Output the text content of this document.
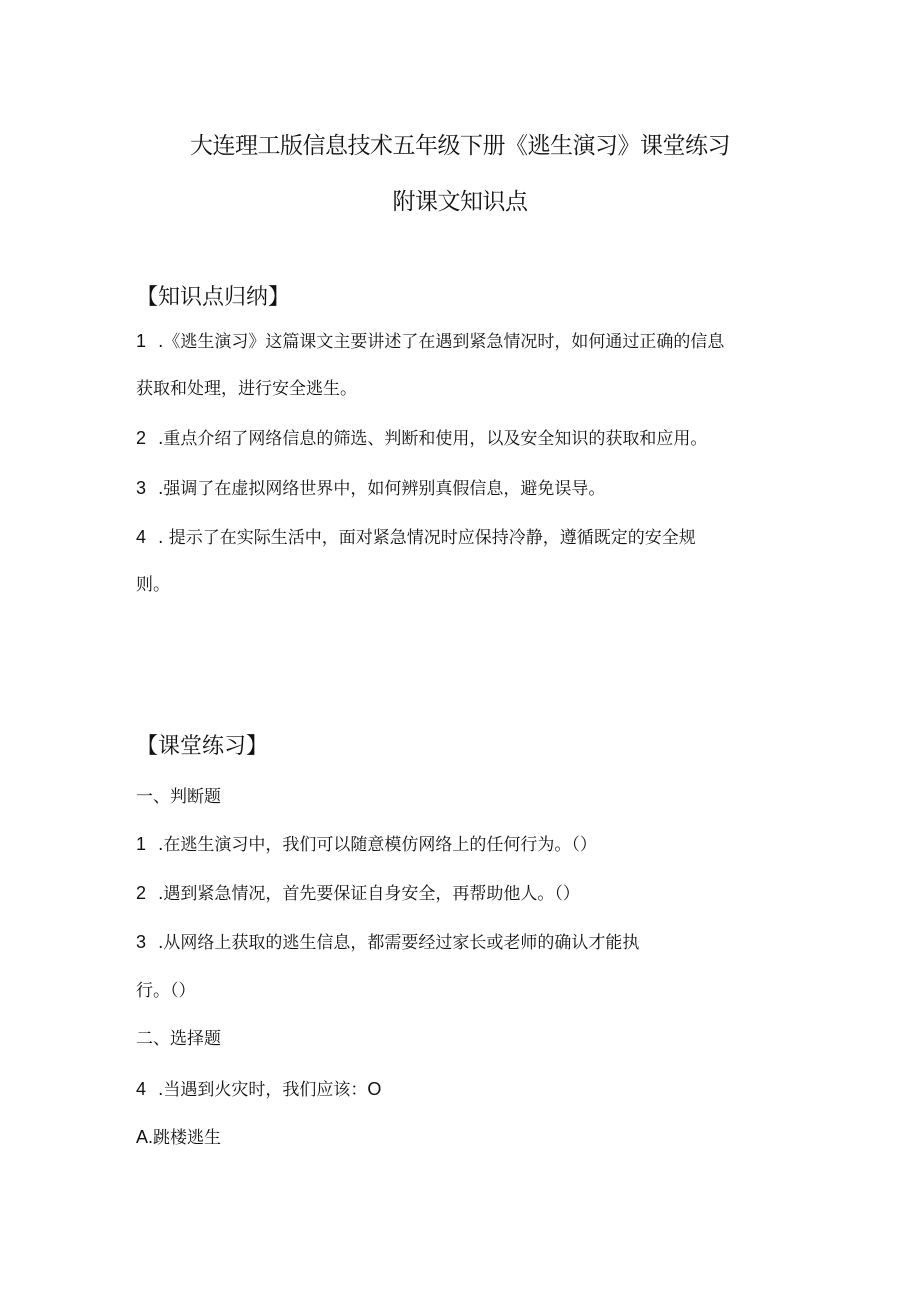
大连理工版信息技术五年级下册《逃生演习》课堂练习
附课文知识点
【知识点归纳】

1 .《逃生演习》这篇课文主要讲述了在遇到紧急情况时，如何通过正确的信息

获取和处理，进行安全逃生。

2 .重点介绍了网络信息的筛选、判断和使用，以及安全知识的获取和应用。

3 .强调了在虚拟网络世界中，如何辨别真假信息，避免误导。

4 . 提示了在实际生活中，面对紧急情况时应保持冷静，遵循既定的安全规

则。
【课堂练习】
一、判断题

1 .在逃生演习中，我们可以随意模仿网络上的任何行为。（）

2 .遇到紧急情况，首先要保证自身安全，再帮助他人。（）

3 .从网络上获取的逃生信息，都需要经过家长或老师的确认才能执

行。（）
二、选择题

4 .当遇到火灾时，我们应该：O

A.跳楼逃生
